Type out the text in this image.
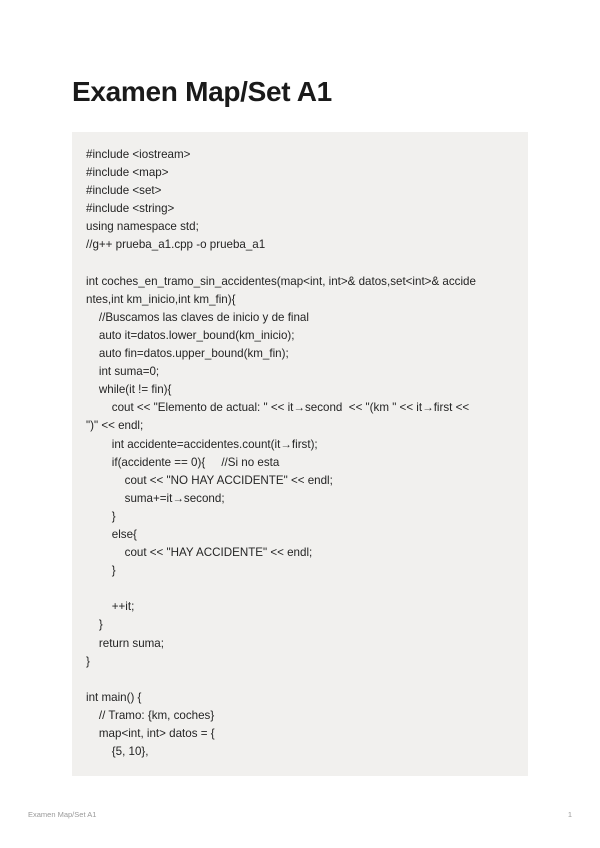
Examen Map/Set A1
#include <iostream>
#include <map>
#include <set>
#include <string>
using namespace std;
//g++ prueba_a1.cpp -o prueba_a1
int coches_en_tramo_sin_accidentes(map<int, int>& datos,set<int>& accide
ntes,int km_inicio,int km_fin){
//Buscamos las claves de inicio y de final
auto it=datos.lower_bound(km_inicio);
auto fin=datos.upper_bound(km_fin);
int suma=0;
while(it != fin){
cout << "Elemento de actual: " << it→second  << "(km " << it→first <<
")" << endl;
int accidente=accidentes.count(it→first);
if(accidente == 0){     //Si no esta
cout << "NO HAY ACCIDENTE" << endl;
suma+=it→second;
}
else{
cout << "HAY ACCIDENTE" << endl;
}
++it;
}
return suma;
}
int main() {
// Tramo: {km, coches}
map<int, int> datos = {
{5, 10},
Examen Map/Set A1	1
